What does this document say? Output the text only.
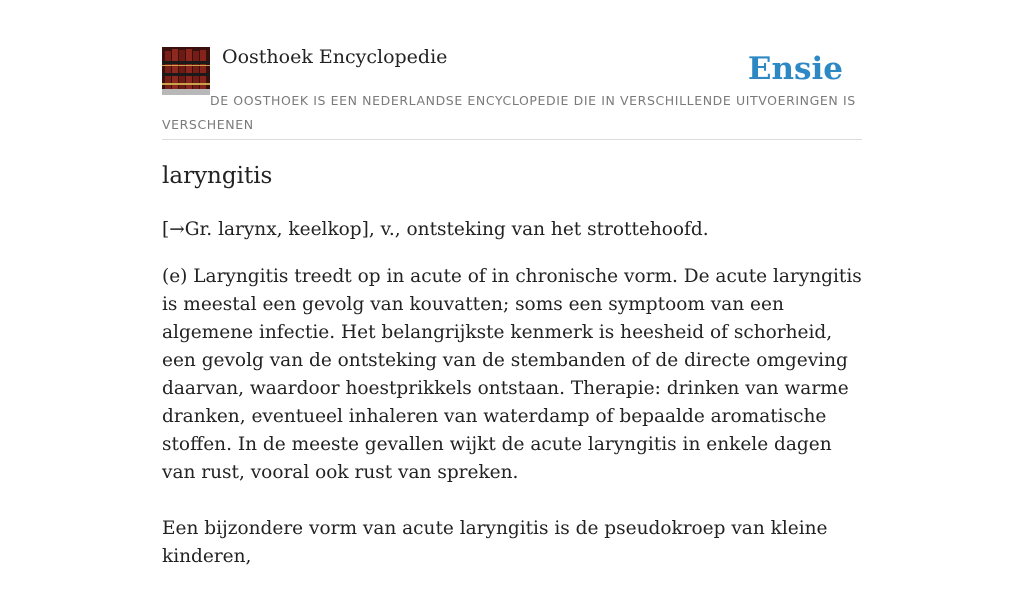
Oosthoek Encyclopedie	Ensie
DE OOSTHOEK IS EEN NEDERLANDSE ENCYCLOPEDIE DIE IN VERSCHILLENDE UITVOERINGEN IS VERSCHENEN
laryngitis
[→Gr. larynx, keelkop], v., ontsteking van het strottehoofd.

(e) Laryngitis treedt op in acute of in chronische vorm. De acute laryngitis is meestal een gevolg van kouvatten; soms een symptoom van een algemene infectie. Het belangrijkste kenmerk is heesheid of schorheid, een gevolg van de ontsteking van de stembanden of de directe omgeving daarvan, waardoor hoestprikkels ontstaan. Therapie: drinken van warme dranken, eventueel inhaleren van waterdamp of bepaalde aromatische stoffen. In de meeste gevallen wijkt de acute laryngitis in enkele dagen van rust, vooral ook rust van spreken.

Een bijzondere vorm van acute laryngitis is de pseudokroep van kleine kinderen,
